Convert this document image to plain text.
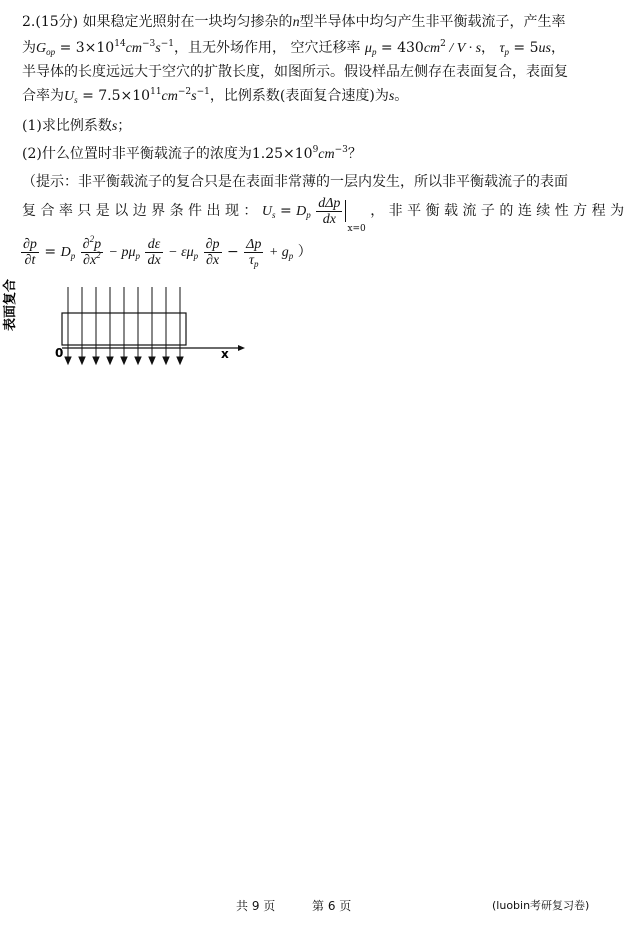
2.(15分) 如果稳定光照射在一块均匀掺杂的n型半导体中均匀产生非平衡载流子，产生率
为$G_{op} = 3\times 10^{14}cm^{-3}s^{-1}$，且无外场作用， 空穴迁移率 $\mu_p = 430cm^2 / V \cdot s$， $\tau_p = 5us$，
半导体的长度远远大于空穴的扩散长度，如图所示。假设样品左侧存在表面复合，表面复
合率为$U_s = 7.5\times 10^{11}cm^{-2}s^{-1}$，比例系数(表面复合速度)为s。
(1)求比例系数s；
(2)什么位置时非平衡载流子的浓度为$1.25\times 10^9cm^{-3}$？
（提示：非平衡载流子的复合只是在表面非常薄的一层内发生，所以非平衡载流子的表面
复 合 率 只 是 以 边 界 条 件 出 现 ： $U_s = D_p \frac{\text{dΔp}}{dx}$
x=0 ， 非 平 衡 载 流 子 的 连 续 性 方 程 为
$\frac{\partial p}{\partial t} = D_p \frac{\partial^2p}{\partial x^2} - p\mu_p \frac{d\varepsilon}{dx} - \varepsilon\mu_p \frac{\partial p}{\partial x} - \frac{\Delta p}{\tau_p} + g_p$ ）
表面复合
0	x
共 9 页	第 6 页	(luobin考研复习卷)
